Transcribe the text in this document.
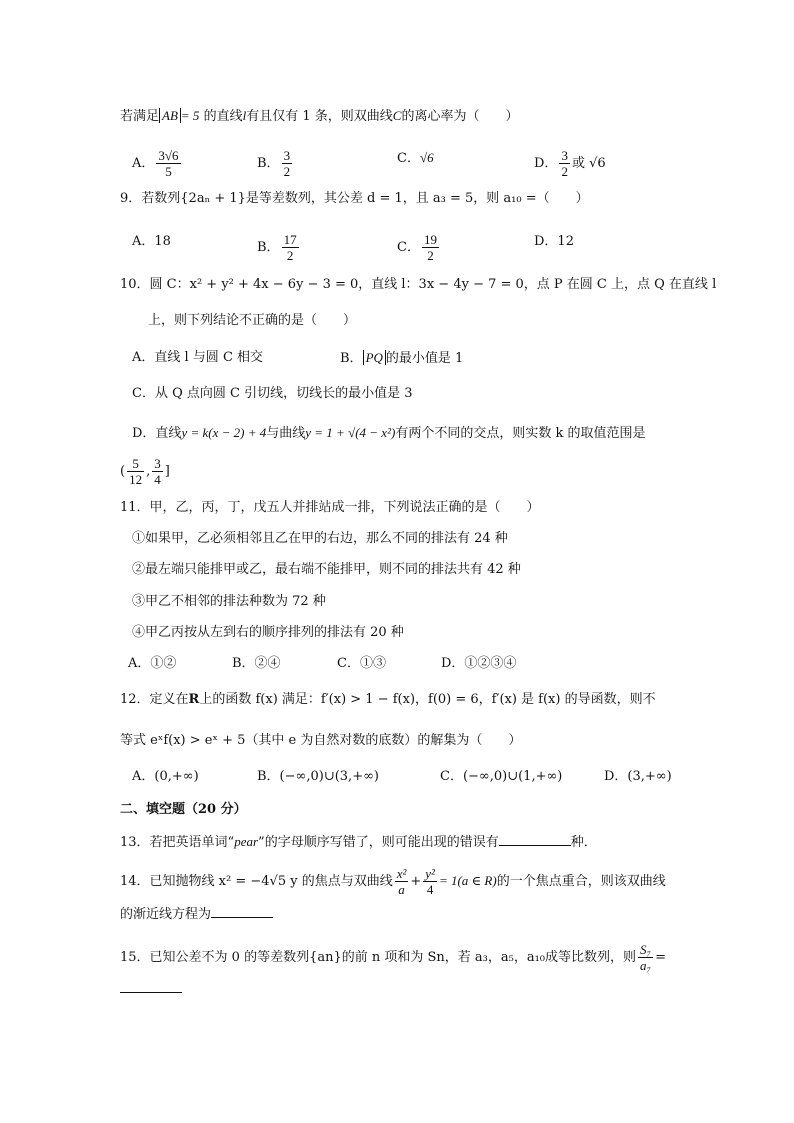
若满足 AB = 5 的直线l有且仅有 1 条，则双曲线C的离心率为（　　）
A． $\frac{3√6}{5}$	B． $\frac{3}{2}$	C．√6	D． $\frac{3}{2}$ 或 √6
9．若数列{2aₙ + 1}是等差数列，其公差 d = 1，且 a₃ = 5，则 a₁₀ =（　　）
A．18	B． $\frac{17}{2}$	C． $\frac{19}{2}$	D．12
10．圆 C：x² + y² + 4x − 6y − 3 = 0，直线 l：3x − 4y − 7 = 0，点 P 在圆 C 上，点 Q 在直线 l
上，则下列结论不正确的是（　　）
A．直线 l 与圆 C 相交	B． PQ 的最小值是 1
C．从 Q 点向圆 C 引切线，切线长的最小值是 3
D．直线y = k(x − 2) + 4与曲线y = 1 + √(4 − x²)有两个不同的交点，则实数 k 的取值范围是
( $\frac{5}{12}$ , $\frac{3}{4}$ ]
11．甲，乙，丙，丁，戊五人并排站成一排，下列说法正确的是（　　）
①如果甲，乙必须相邻且乙在甲的右边，那么不同的排法有 24 种
②最左端只能排甲或乙，最右端不能排甲，则不同的排法共有 42 种
③甲乙不相邻的排法种数为 72 种
④甲乙丙按从左到右的顺序排列的排法有 20 种
A．①②	B．②④	C．①③	D．①②③④
12．定义在R上的函数 f(x) 满足：f′(x) > 1 − f(x)，f(0) = 6，f′(x) 是 f(x) 的导函数，则不
等式 eˣf(x) > eˣ + 5（其中 e 为自然对数的底数）的解集为（　　）
A．(0,+∞)	B．(−∞,0)∪(3,+∞)	C．(−∞,0)∪(1,+∞)	D．(3,+∞)
二、填空题（20 分）
13．若把英语单词“pear”的字母顺序写错了，则可能出现的错误有	种．
14．已知抛物线 x² = −4√5 y 的焦点与双曲线 $\frac{\text{x²}}{a} + \frac{\text{y²}}{4} = 1(a$ ∈ R)的一个焦点重合，则该双曲线
的渐近线方程为
15．已知公差不为 0 的等差数列{an}的前 n 项和为 Sn，若 a₃，a₅，a₁₀成等比数列，则 $\frac{\text{S₇}}{\text{a₇}}$ =
